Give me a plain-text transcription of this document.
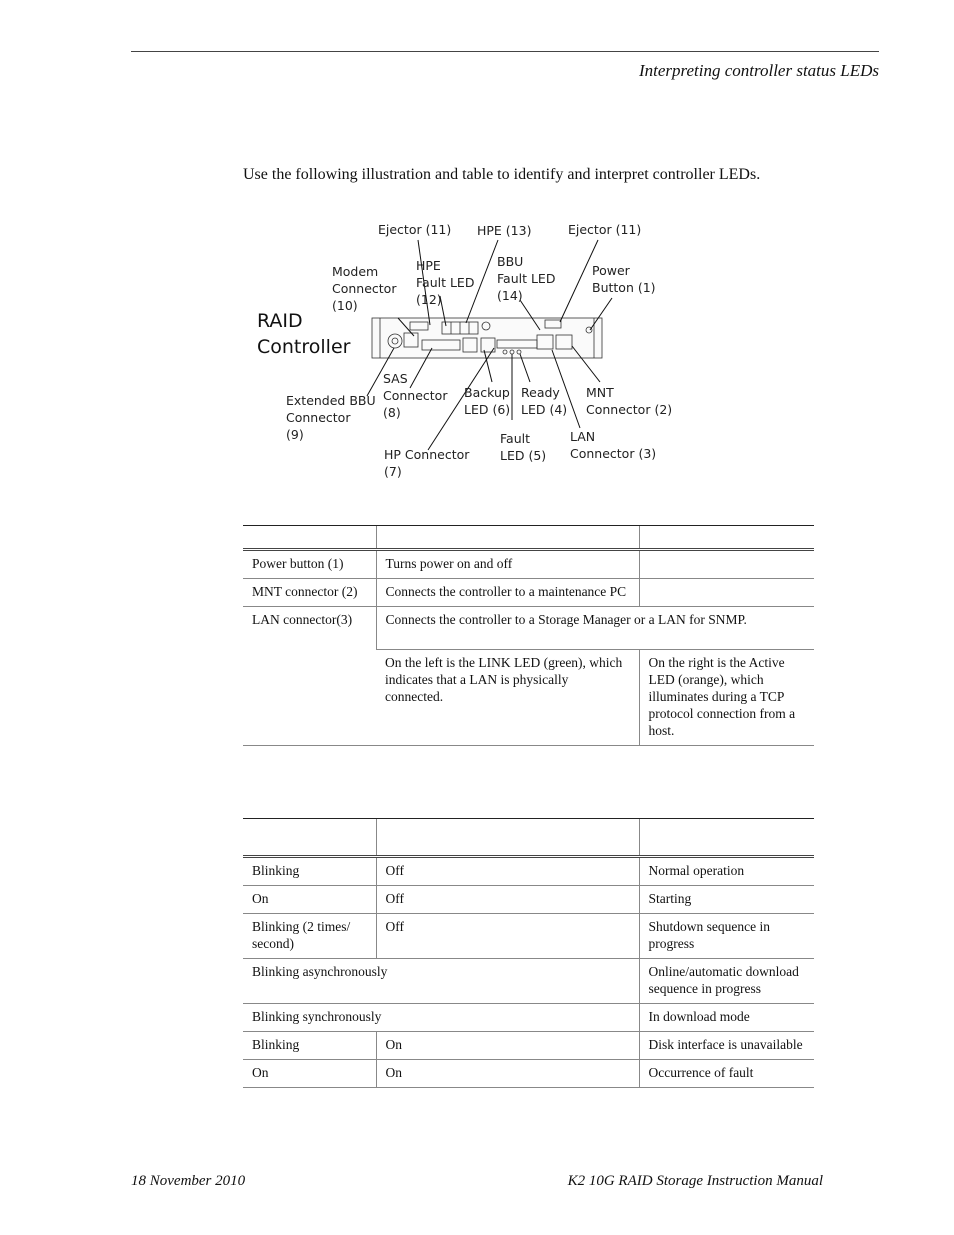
Interpreting controller status LEDs
Use the following illustration and table to identify and interpret controller LEDs.
RAID
Controller
Ejector (11) HPE (13)	Ejector (11)
Modem
Connector
(10)
HPE
Fault LED
(12)
BBU
Fault LED
(14)
Power
Button (1)
SAS
Connector
(8)
Extended BBU
Connector
(9)
Backup
LED (6)
Ready
LED (4)
MNT
Connector (2)
Fault
LED (5)
LAN
Connector (3)
HP Connector
(7)

Power button (1)	Turns power on and off	
MNT connector (2)	Connects the controller to a maintenance PC	
LAN connector(3)	Connects the controller to a Storage Manager or a LAN for SNMP.	
	On the left is the LINK LED (green), which indicates that a LAN is physically connected.	On the right is the Active LED (orange), which illuminates during a TCP protocol connection from a host.

Blinking	Off	Normal operation
On	Off	Starting
Blinking (2 times/ second)	Off	Shutdown sequence in progress
Blinking asynchronously		Online/automatic download sequence in progress
Blinking synchronously		In download mode
Blinking	On	Disk interface is unavailable
On	On	Occurrence of fault
18 November 2010	K2 10G RAID Storage Instruction Manual
